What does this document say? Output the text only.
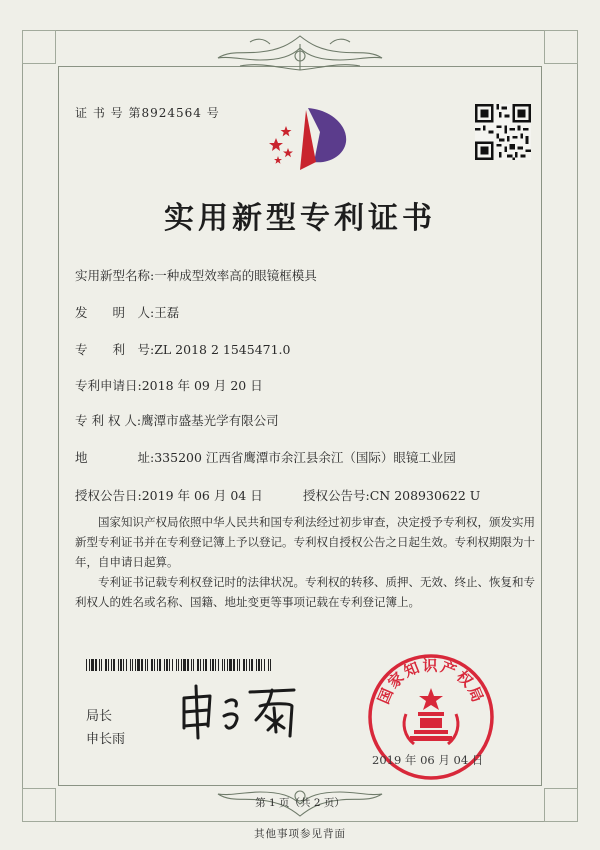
证 书 号 第8924564 号
实用新型专利证书
实用新型名称:一种成型效率高的眼镜框模具
发　　明　人:王磊
专　　利　号:ZL 2018 2 1545471.0
专利申请日:2018 年 09 月 20 日
专 利 权 人:鹰潭市盛基光学有限公司
地　　　　址:335200 江西省鹰潭市余江县余江（国际）眼镜工业园
授权公告日:2019 年 06 月 04 日	授权公告号:CN 208930622 U
国家知识产权局依照中华人民共和国专利法经过初步审查，决定授予专利权，颁发实用新型专利证书并在专利登记簿上予以登记。专利权自授权公告之日起生效。专利权期限为十年，自申请日起算。
专利证书记载专利权登记时的法律状况。专利权的转移、质押、无效、终止、恢复和专利权人的姓名或名称、国籍、地址变更等事项记载在专利登记簿上。
局长
申长雨
国家知识产权局
2019 年 06 月 04 日
第 1 页（共 2 页）
其他事项参见背面
